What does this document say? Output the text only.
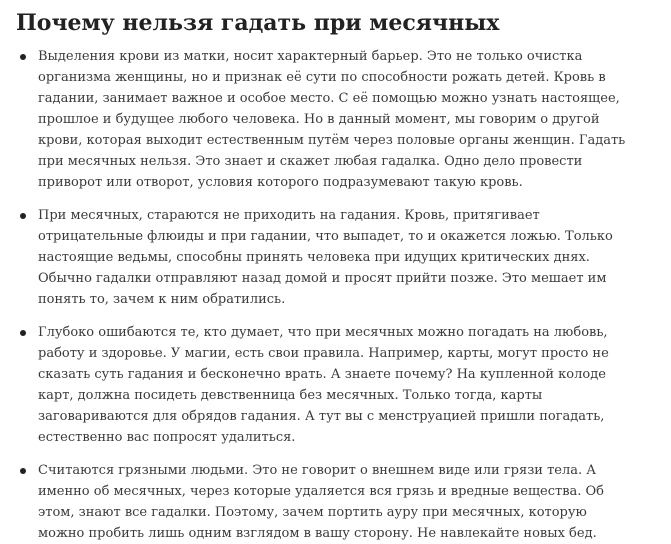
Почему нельзя гадать при месячных
Выделения крови из матки, носит характерный барьер. Это не только очистка
организма женщины, но и признак её сути по способности рожать детей. Кровь в
гадании, занимает важное и особое место. С её помощью можно узнать настоящее,
прошлое и будущее любого человека. Но в данный момент, мы говорим о другой
крови, которая выходит естественным путём через половые органы женщин. Гадать
при месячных нельзя. Это знает и скажет любая гадалка. Одно дело провести
приворот или отворот, условия которого подразумевают такую кровь.
При месячных, стараются не приходить на гадания. Кровь, притягивает
отрицательные флюиды и при гадании, что выпадет, то и окажется ложью. Только
настоящие ведьмы, способны принять человека при идущих критических днях.
Обычно гадалки отправляют назад домой и просят прийти позже. Это мешает им
понять то, зачем к ним обратились.
Глубоко ошибаются те, кто думает, что при месячных можно погадать на любовь,
работу и здоровье. У магии, есть свои правила. Например, карты, могут просто не
сказать суть гадания и бесконечно врать. А знаете почему? На купленной колоде
карт, должна посидеть девственница без месячных. Только тогда, карты
заговариваются для обрядов гадания. А тут вы с менструацией пришли погадать,
естественно вас попросят удалиться.
Считаются грязными людьми. Это не говорит о внешнем виде или грязи тела. А
именно об месячных, через которые удаляется вся грязь и вредные вещества. Об
этом, знают все гадалки. Поэтому, зачем портить ауру при месячных, которую
можно пробить лишь одним взглядом в вашу сторону. Не навлекайте новых бед.
